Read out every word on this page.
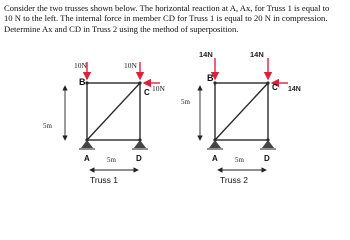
Consider the two trusses shown below. The horizontal reaction at A, Ax, for Truss 1 is equal to

10 N to the left. The internal force in member CD for Truss 1 is equal to 20 N in compression.

Determine Ax and CD in Truss 2 using the method of superposition.

10N	10N
10N
B
C
A	D
5m
5m
Truss 1
14N	14N
14N
B
C
A	D
5m
5m
Truss 2
